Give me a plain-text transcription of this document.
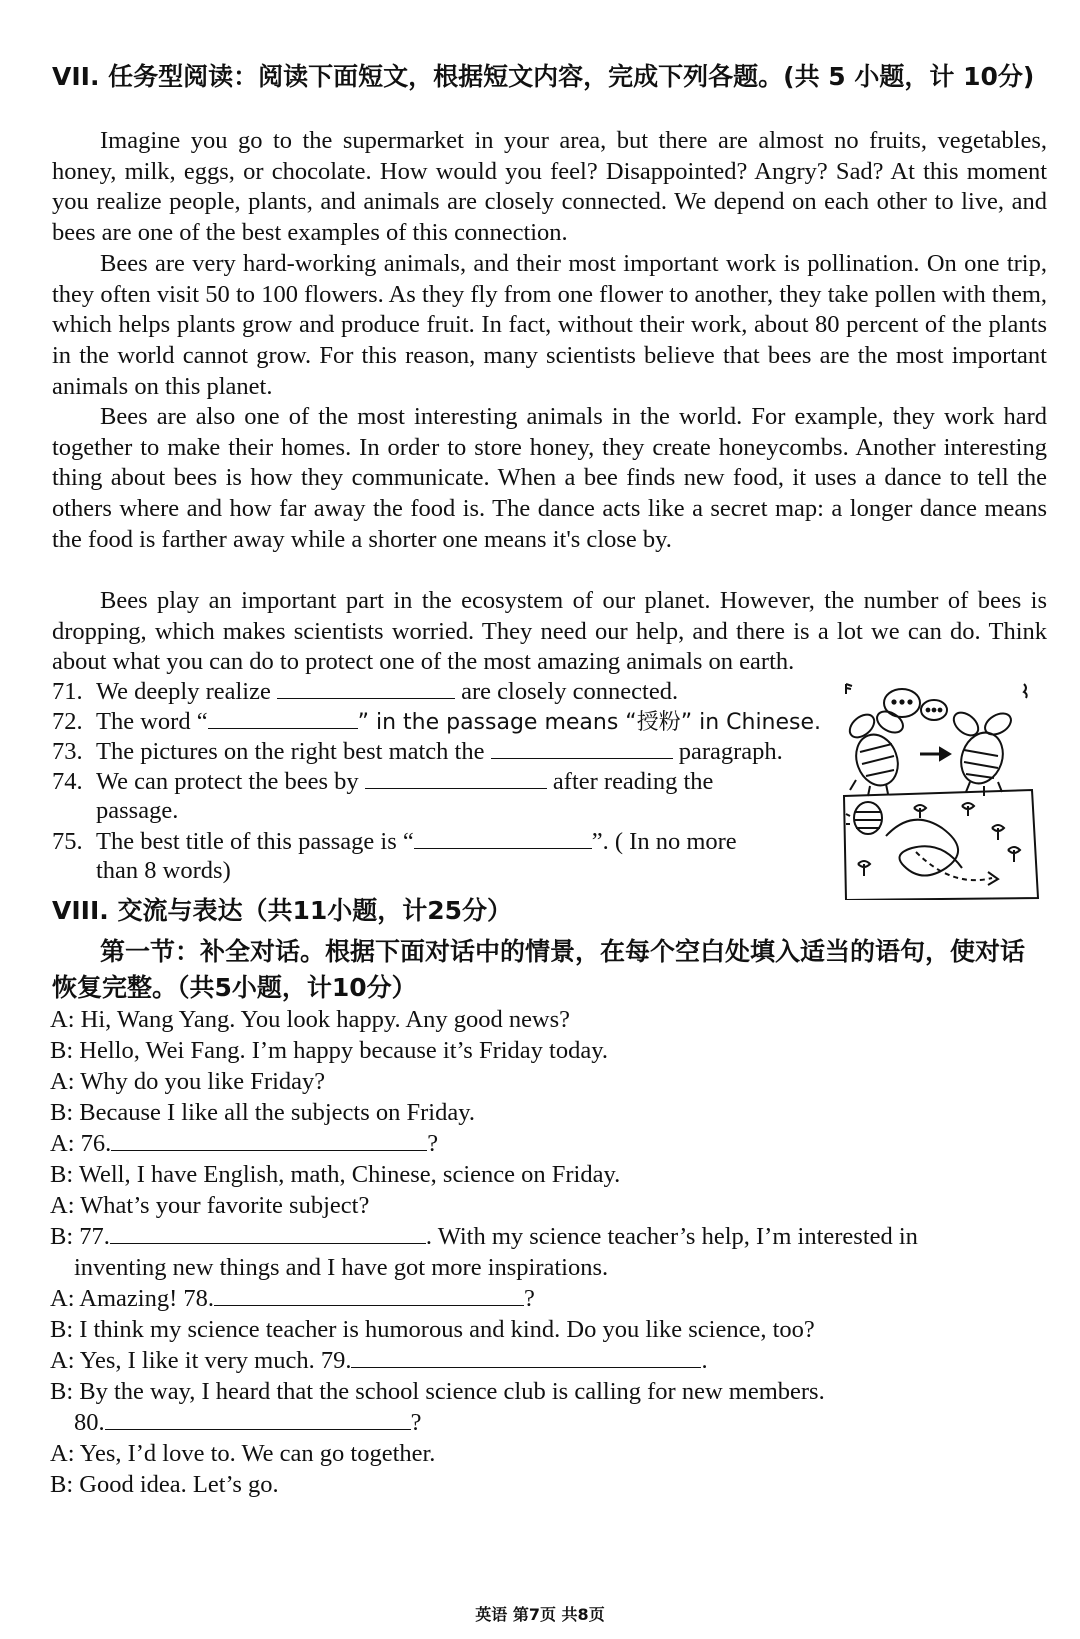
VII. 任务型阅读：阅读下面短文，根据短文内容，完成下列各题。(共 5 小题，计 10分)

Imagine you go to the supermarket in your area, but there are almost no fruits, vegetables, honey, milk, eggs, or chocolate. How would you feel? Disappointed? Angry? Sad? At this moment you realize people, plants, and animals are closely connected. We depend on each other to live, and bees are one of the best examples of this connection.

Bees are very hard-working animals, and their most important work is pollination. On one trip, they often visit 50 to 100 flowers. As they fly from one flower to another, they take pollen with them, which helps plants grow and produce fruit. In fact, without their work, about 80 percent of the plants in the world cannot grow. For this reason, many scientists believe that bees are the most important animals on this planet.

Bees are also one of the most interesting animals in the world. For example, they work hard together to make their homes. In order to store honey, they create honeycombs. Another interesting thing about bees is how they communicate. When a bee finds new food, it uses a dance to tell the others where and how far away the food is. The dance acts like a secret map: a longer dance means the food is farther away while a shorter one means it's close by.

Bees play an important part in the ecosystem of our planet. However, the number of bees is dropping, which makes scientists worried. They need our help, and there is a lot we can do. Think about what you can do to protect one of the most amazing animals on earth.

71. We deeply realize	are closely connected.
72. The word “	” in the passage means “授粉” in Chinese.
73. The pictures on the right best match the	paragraph.
74. We can protect the bees by	after reading the
passage.
75. The best title of this passage is “	”. ( In no more
than 8 words)
VIII. 交流与表达（共11小题，计25分）
第一节：补全对话。根据下面对话中的情景，在每个空白处填入适当的语句，使对话恢复完整。（共5小题，计10分）
A: Hi, Wang Yang. You look happy. Any good news?
B: Hello, Wei Fang. I’m happy because it’s Friday today.
A: Why do you like Friday?
B: Because I like all the subjects on Friday.
A: 76.	?
B: Well, I have English, math, Chinese, science on Friday.
A: What’s your favorite subject?
B: 77.	. With my science teacher’s help, I’m interested in
inventing new things and I have got more inspirations.
A: Amazing! 78.	?
B: I think my science teacher is humorous and kind. Do you like science, too?
A: Yes, I like it very much. 79.	.
B: By the way, I heard that the school science club is calling for new members.
80.	?
A: Yes, I’d love to. We can go together.
B: Good idea. Let’s go.
英语 第7页 共8页
